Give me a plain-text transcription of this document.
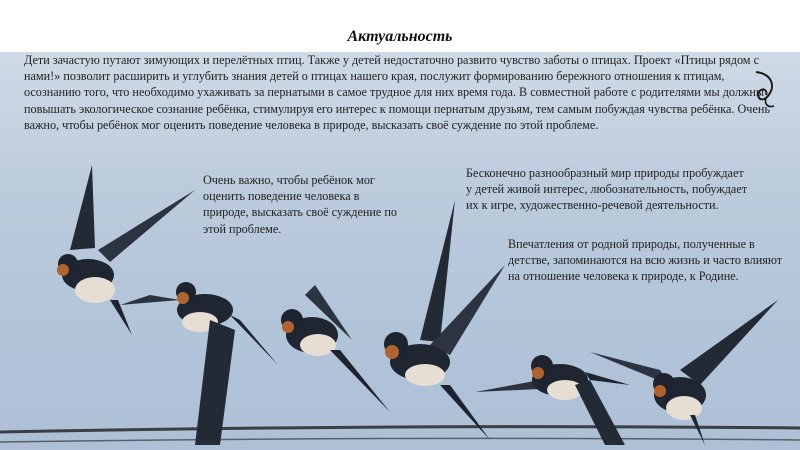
Актуальность
Дети зачастую путают зимующих и перелётных птиц. Также у детей недостаточно развито чувство заботы о птицах. Проект «Птицы рядом с нами!» позволит расширить и углубить знания детей о птицах нашего края, послужит формированию бережного отношения к птицам, осознанию того, что необходимо ухаживать за пернатыми в самое трудное для них время года. В совместной работе с родителями мы должны повышать экологическое сознание ребёнка, стимулируя его интерес к помощи пернатым друзьям, тем самым побуждая чувства ребёнка. Очень важно, чтобы ребёнок мог оценить поведение человека в природе, высказать своё суждение по этой проблеме.
Очень важно, чтобы ребёнок мог оценить поведение человека в природе, высказать своё суждение по этой проблеме.
Бесконечно разнообразный мир природы пробуждает у детей живой интерес, любознательность, побуждает их к игре, художественно-речевой деятельности.
Впечатления от родной природы, полученные в детстве, запоминаются на всю жизнь и часто влияют на отношение человека к природе, к Родине.
